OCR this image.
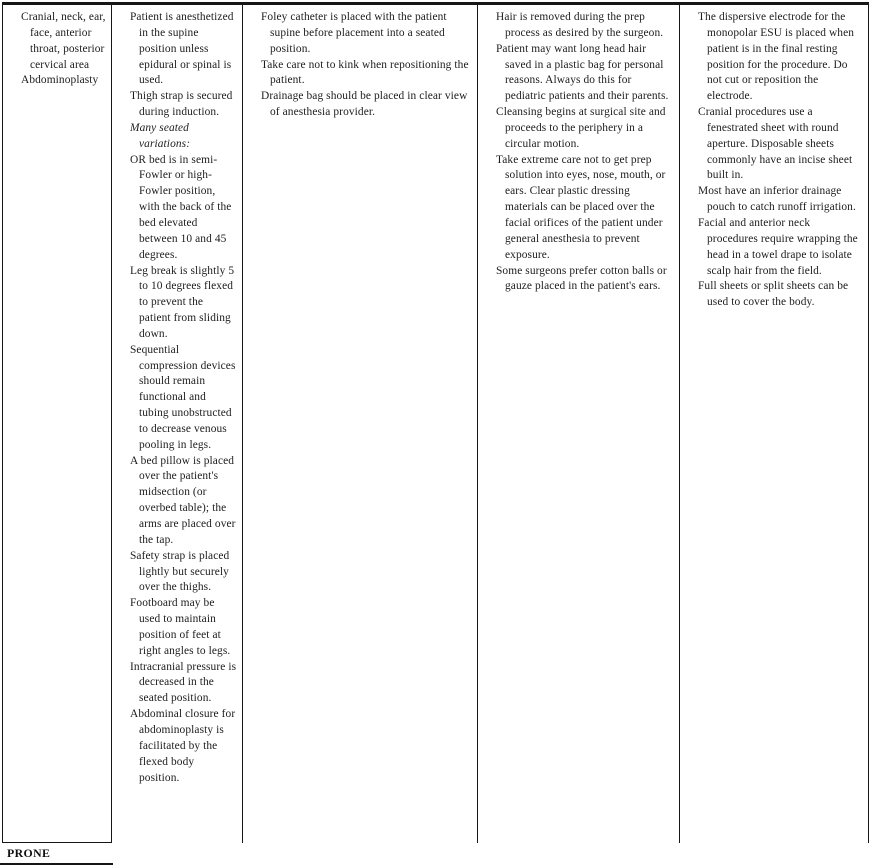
Cranial, neck, ear, face, anterior throat, posterior cervical area

Abdominoplasty

Patient is anesthetized in the supine position unless epidural or spinal is used.

Thigh strap is secured during induction.

Many seated variations:

OR bed is in semi-Fowler or high-Fowler position, with the back of the bed elevated between 10 and 45 degrees.

Leg break is slightly 5 to 10 degrees flexed to prevent the patient from sliding down.

Sequential compression devices should remain functional and tubing unobstructed to decrease venous pooling in legs.

A bed pillow is placed over the patient's midsection (or overbed table); the arms are placed over the tap.

Safety strap is placed lightly but securely over the thighs.

Footboard may be used to maintain position of feet at right angles to legs.

Intracranial pressure is decreased in the seated position.

Abdominal closure for abdominoplasty is facilitated by the flexed body position.

Foley catheter is placed with the patient supine before placement into a seated position.

Take care not to kink when repositioning the patient.

Drainage bag should be placed in clear view of anesthesia provider.

Hair is removed during the prep process as desired by the surgeon.

Patient may want long head hair saved in a plastic bag for personal reasons. Always do this for pediatric patients and their parents.

Cleansing begins at surgical site and proceeds to the periphery in a circular motion.

Take extreme care not to get prep solution into eyes, nose, mouth, or ears. Clear plastic dressing materials can be placed over the facial orifices of the patient under general anesthesia to prevent exposure.

Some surgeons prefer cotton balls or gauze placed in the patient's ears.

The dispersive electrode for the monopolar ESU is placed when patient is in the final resting position for the procedure. Do not cut or reposition the electrode.

Cranial procedures use a fenestrated sheet with round aperture. Disposable sheets commonly have an incise sheet built in.

Most have an inferior drainage pouch to catch runoff irrigation.

Facial and anterior neck procedures require wrapping the head in a towel drape to isolate scalp hair from the field.

Full sheets or split sheets can be used to cover the body.

PRONE
